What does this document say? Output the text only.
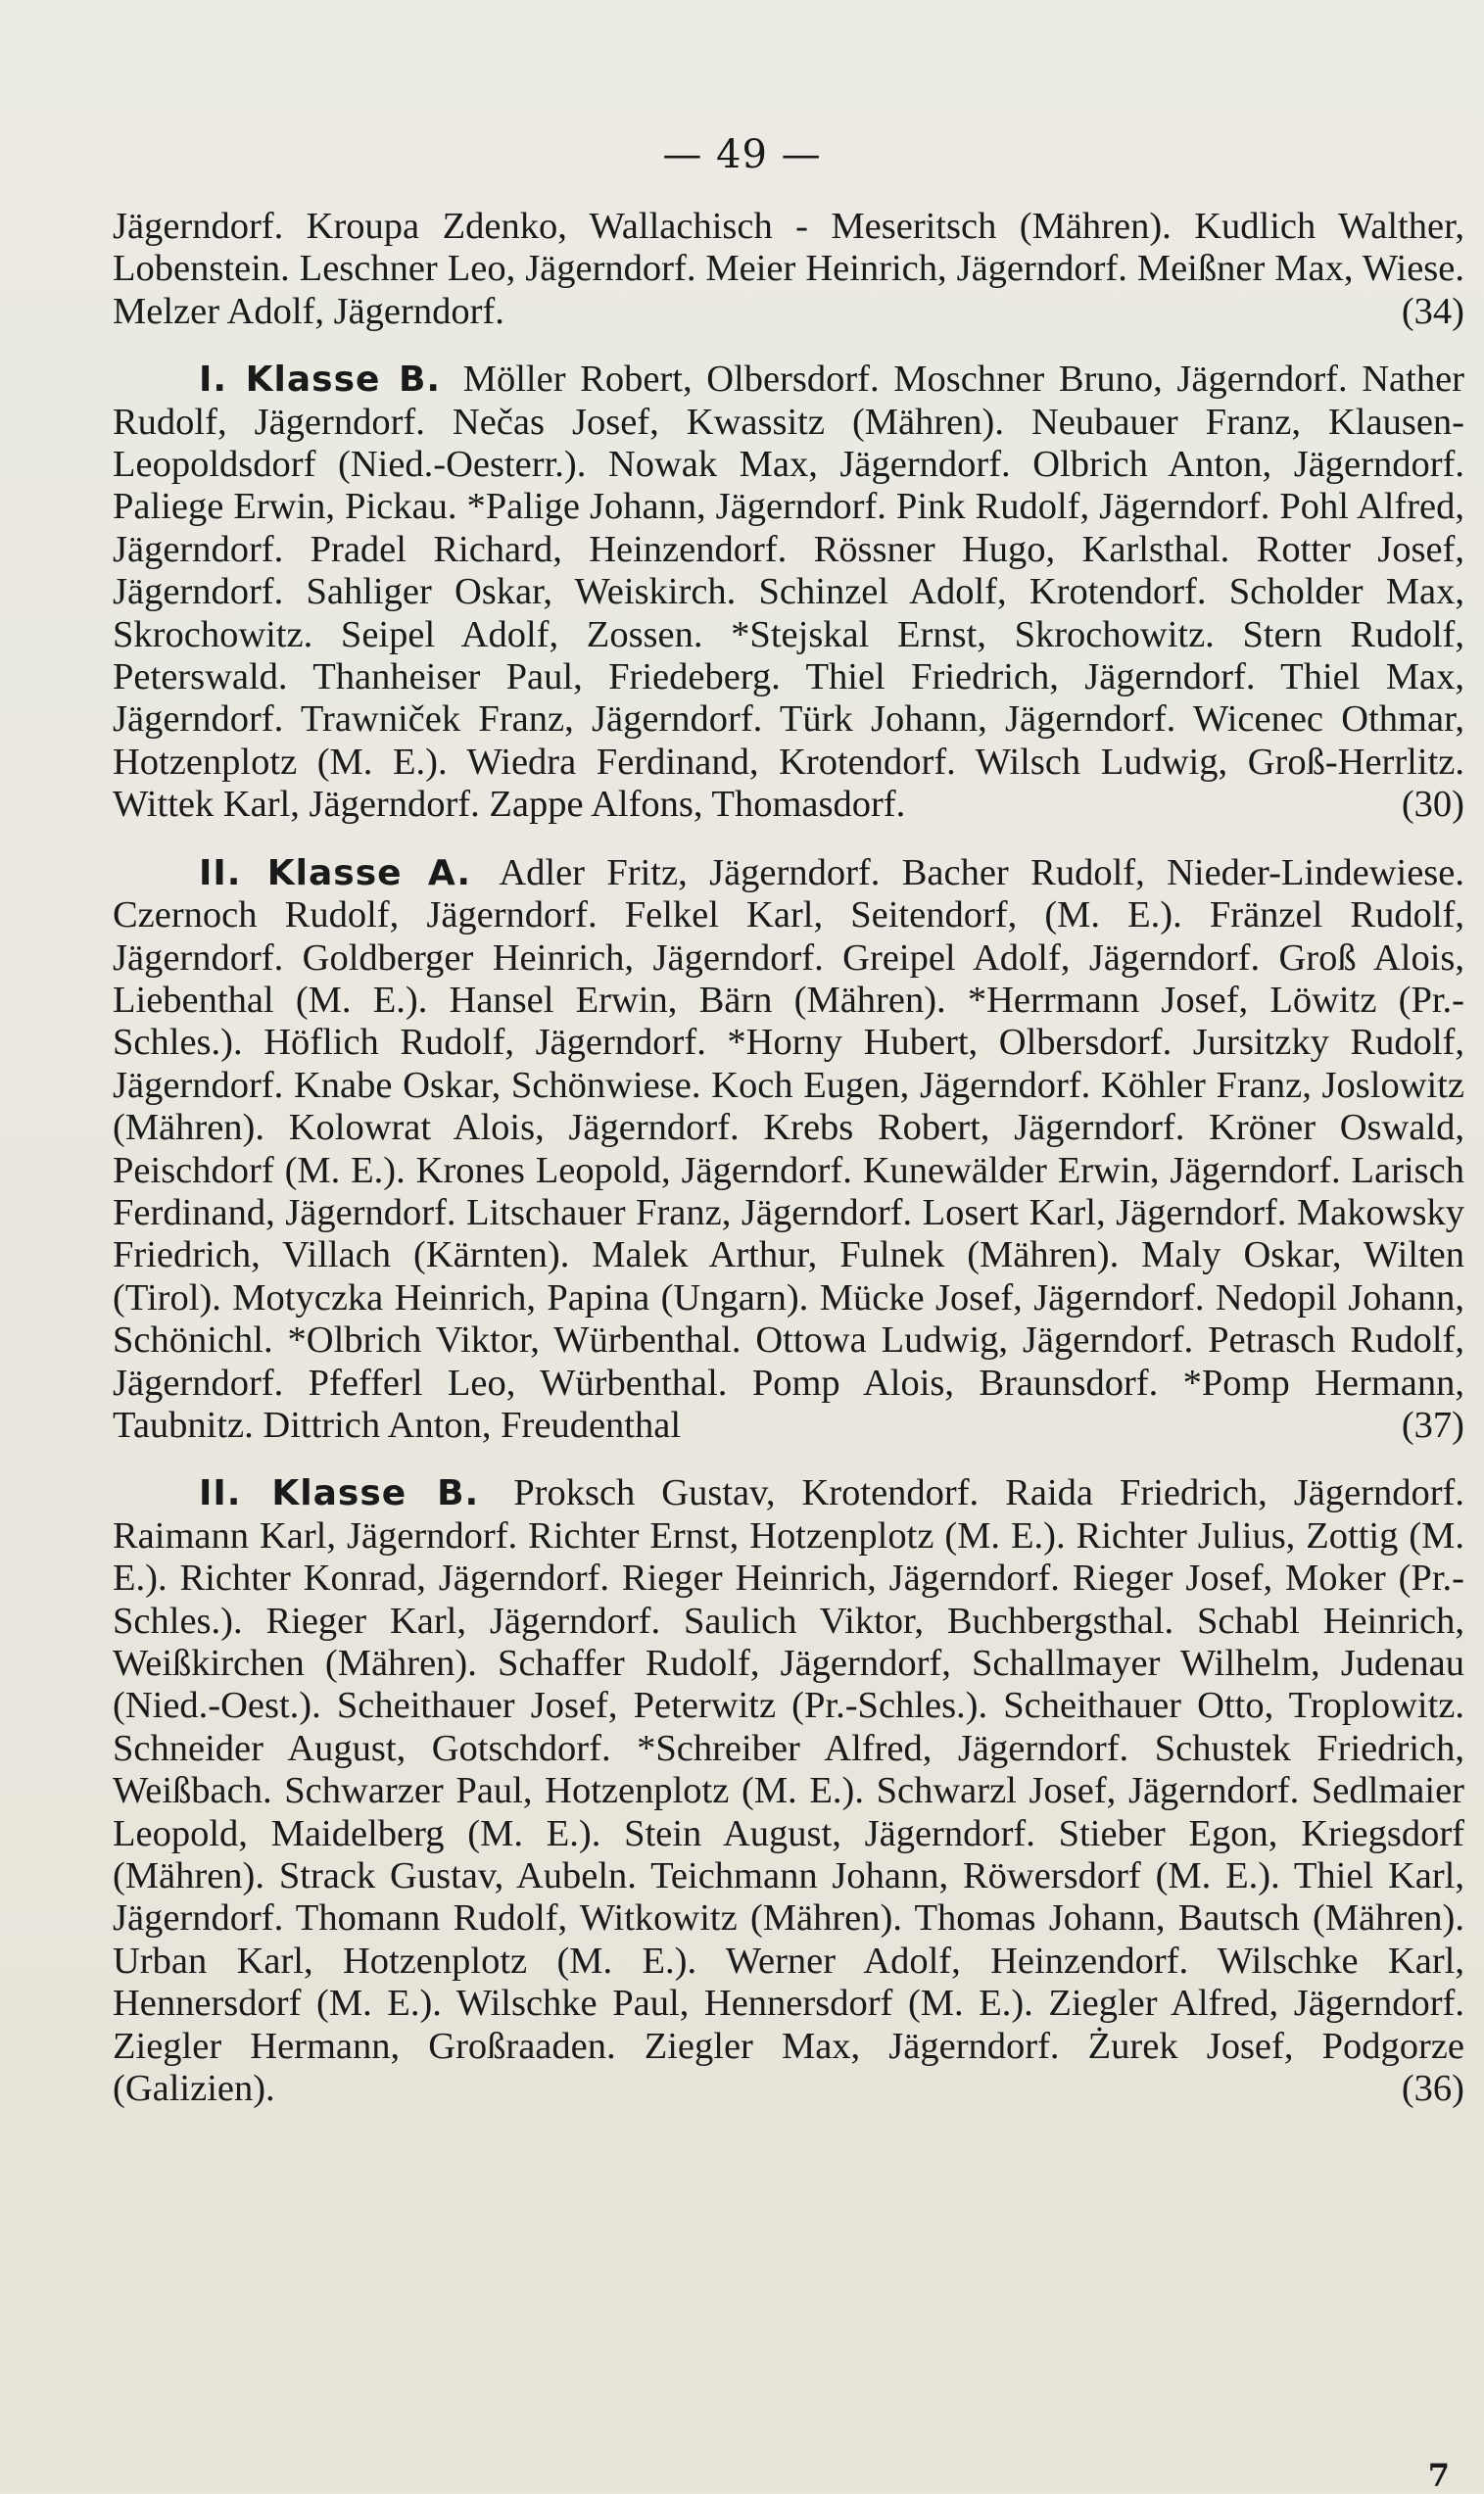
— 49 —

Jägerndorf. Kroupa Zdenko, Wallachisch - Meseritsch (Mähren). Kudlich Walther, Lobenstein. Leschner Leo, Jägerndorf. Meier Heinrich, Jägerndorf. Meißner Max, Wiese. Melzer Adolf, Jägerndorf.	(34)

I. Klasse B. Möller Robert, Olbersdorf. Moschner Bruno, Jägerndorf. Nather Rudolf, Jägerndorf. Nečas Josef, Kwassitz (Mähren). Neubauer Franz, Klausen-Leopoldsdorf (Nied.-Oesterr.). Nowak Max, Jägerndorf. Olbrich Anton, Jägerndorf. Paliege Erwin, Pickau. *Palige Johann, Jägerndorf. Pink Rudolf, Jägerndorf. Pohl Alfred, Jägerndorf. Pradel Richard, Heinzendorf. Rössner Hugo, Karlsthal. Rotter Josef, Jägerndorf. Sahliger Oskar, Weiskirch. Schinzel Adolf, Krotendorf. Scholder Max, Skrochowitz. Seipel Adolf, Zossen. *Stejskal Ernst, Skrochowitz. Stern Rudolf, Peterswald. Thanheiser Paul, Friedeberg. Thiel Friedrich, Jägerndorf. Thiel Max, Jägerndorf. Trawniček Franz, Jägerndorf. Türk Johann, Jägerndorf. Wicenec Othmar, Hotzenplotz (M. E.). Wiedra Ferdinand, Krotendorf. Wilsch Ludwig, Groß-Herrlitz. Wittek Karl, Jägerndorf. Zappe Alfons, Thomasdorf.	(30)

II. Klasse A. Adler Fritz, Jägerndorf. Bacher Rudolf, Nieder-Lindewiese. Czernoch Rudolf, Jägerndorf. Felkel Karl, Seitendorf, (M. E.). Fränzel Rudolf, Jägerndorf. Goldberger Heinrich, Jägerndorf. Greipel Adolf, Jägerndorf. Groß Alois, Liebenthal (M. E.). Hansel Erwin, Bärn (Mähren). *Herrmann Josef, Löwitz (Pr.-Schles.). Höflich Rudolf, Jägerndorf. *Horny Hubert, Olbersdorf. Jursitzky Rudolf, Jägerndorf. Knabe Oskar, Schönwiese. Koch Eugen, Jägerndorf. Köhler Franz, Joslowitz (Mähren). Kolowrat Alois, Jägerndorf. Krebs Robert, Jägerndorf. Kröner Oswald, Peischdorf (M. E.). Krones Leopold, Jägerndorf. Kunewälder Erwin, Jägerndorf. Larisch Ferdinand, Jägerndorf. Litschauer Franz, Jägerndorf. Losert Karl, Jägerndorf. Makowsky Friedrich, Villach (Kärnten). Malek Arthur, Fulnek (Mähren). Maly Oskar, Wilten (Tirol). Motyczka Heinrich, Papina (Ungarn). Mücke Josef, Jägerndorf. Nedopil Johann, Schönichl. *Olbrich Viktor, Würbenthal. Ottowa Ludwig, Jägerndorf. Petrasch Rudolf, Jägerndorf. Pfefferl Leo, Würbenthal. Pomp Alois, Braunsdorf. *Pomp Hermann, Taubnitz. Dittrich Anton, Freudenthal	(37)

II. Klasse B. Proksch Gustav, Krotendorf. Raida Friedrich, Jägerndorf. Raimann Karl, Jägerndorf. Richter Ernst, Hotzenplotz (M. E.). Richter Julius, Zottig (M. E.). Richter Konrad, Jägerndorf. Rieger Heinrich, Jägerndorf. Rieger Josef, Moker (Pr.-Schles.). Rieger Karl, Jägerndorf. Saulich Viktor, Buchbergsthal. Schabl Heinrich, Weißkirchen (Mähren). Schaffer Rudolf, Jägerndorf, Schallmayer Wilhelm, Judenau (Nied.-Oest.). Scheithauer Josef, Peterwitz (Pr.-Schles.). Scheithauer Otto, Troplowitz. Schneider August, Gotschdorf. *Schreiber Alfred, Jägerndorf. Schustek Friedrich, Weißbach. Schwarzer Paul, Hotzenplotz (M. E.). Schwarzl Josef, Jägerndorf. Sedlmaier Leopold, Maidelberg (M. E.). Stein August, Jägerndorf. Stieber Egon, Kriegsdorf (Mähren). Strack Gustav, Aubeln. Teichmann Johann, Röwersdorf (M. E.). Thiel Karl, Jägerndorf. Thomann Rudolf, Witkowitz (Mähren). Thomas Johann, Bautsch (Mähren). Urban Karl, Hotzenplotz (M. E.). Werner Adolf, Heinzendorf. Wilschke Karl, Hennersdorf (M. E.). Wilschke Paul, Hennersdorf (M. E.). Ziegler Alfred, Jägerndorf. Ziegler Hermann, Großraaden. Ziegler Max, Jägerndorf. Żurek Josef, Podgorze (Galizien).	(36)

7
